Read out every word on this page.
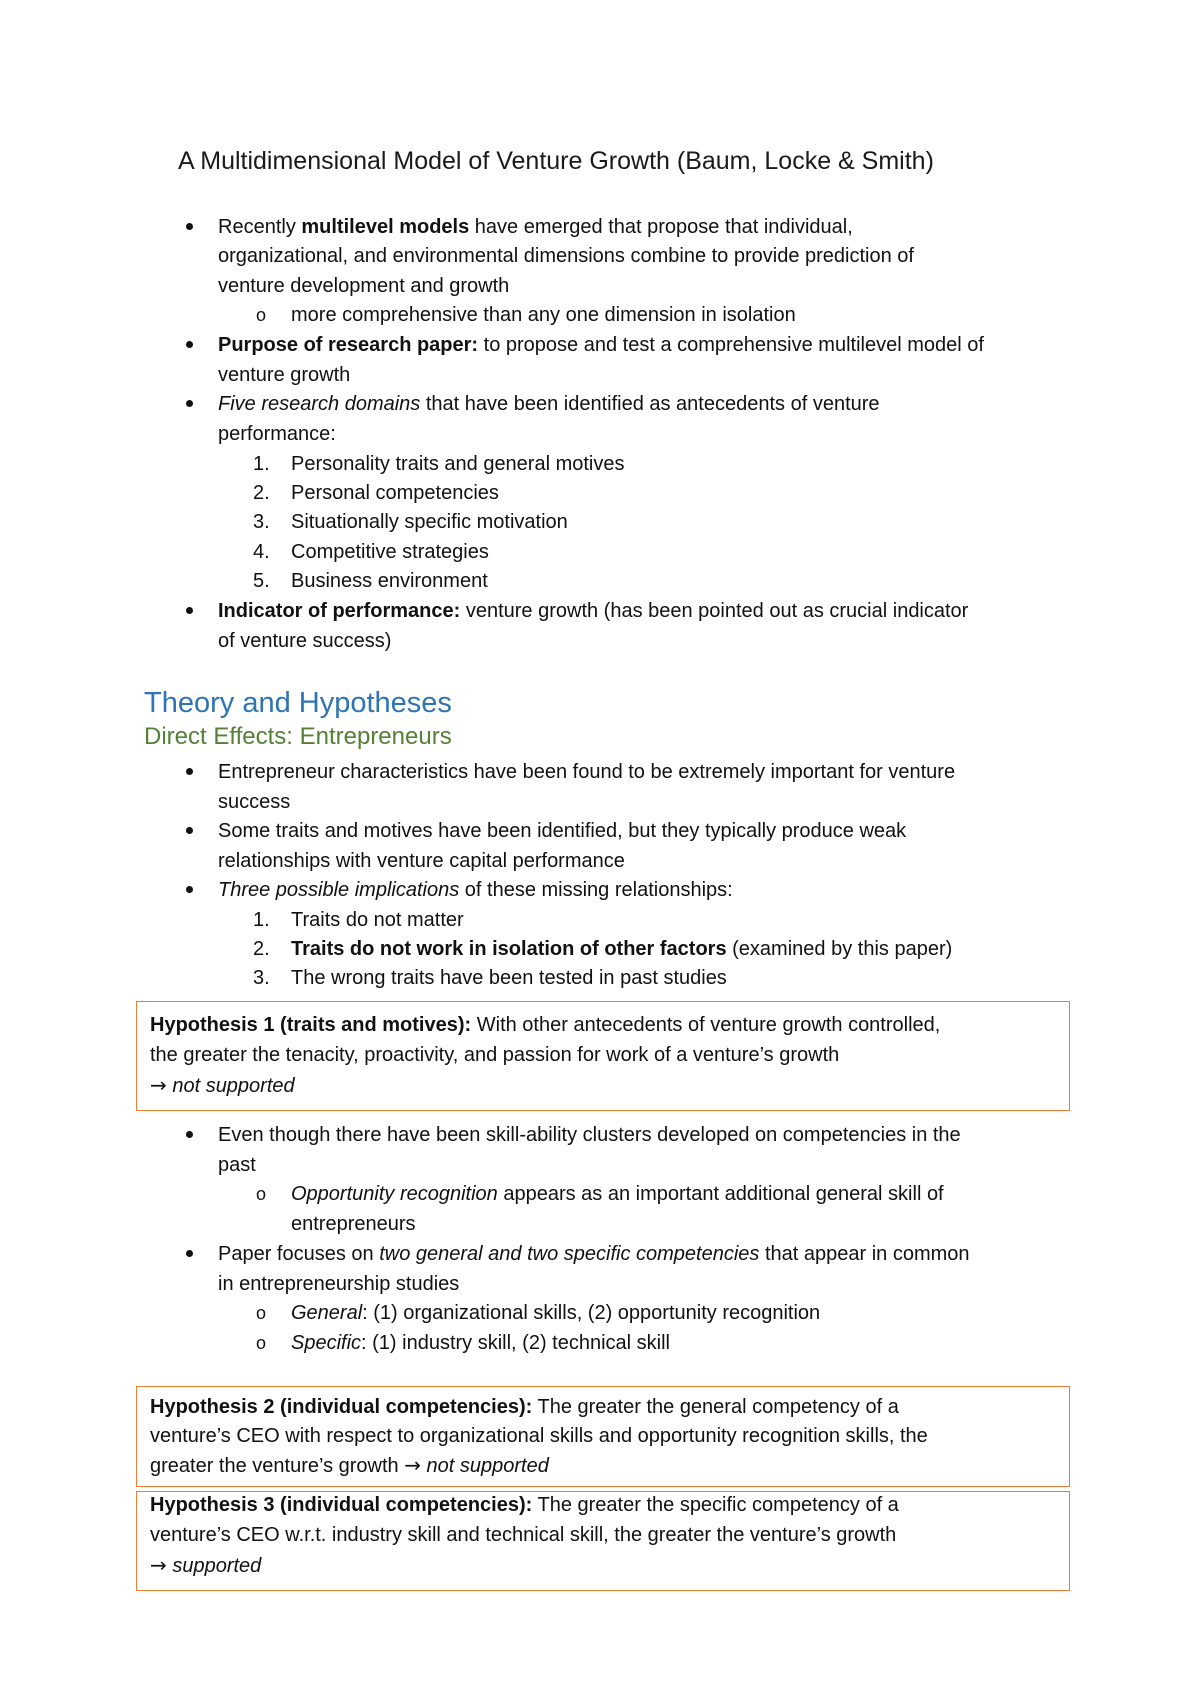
A Multidimensional Model of Venture Growth (Baum, Locke & Smith)
Recently multilevel models have emerged that propose that individual,
organizational, and environmental dimensions combine to provide prediction of
venture development and growth
o more comprehensive than any one dimension in isolation
Purpose of research paper: to propose and test a comprehensive multilevel model of
venture growth
Five research domains that have been identified as antecedents of venture
performance:
1. Personality traits and general motives
2. Personal competencies
3. Situationally specific motivation
4. Competitive strategies
5. Business environment
Indicator of performance: venture growth (has been pointed out as crucial indicator
of venture success)
Theory and Hypotheses
Direct Effects: Entrepreneurs
Entrepreneur characteristics have been found to be extremely important for venture
success
Some traits and motives have been identified, but they typically produce weak
relationships with venture capital performance
Three possible implications of these missing relationships:
1. Traits do not matter
2. Traits do not work in isolation of other factors (examined by this paper)
3. The wrong traits have been tested in past studies
Hypothesis 1 (traits and motives): With other antecedents of venture growth controlled,
the greater the tenacity, proactivity, and passion for work of a venture’s growth
→ not supported
Even though there have been skill-ability clusters developed on competencies in the
past
o Opportunity recognition appears as an important additional general skill of
entrepreneurs
Paper focuses on two general and two specific competencies that appear in common
in entrepreneurship studies
o General: (1) organizational skills, (2) opportunity recognition
o Specific: (1) industry skill, (2) technical skill
Hypothesis 2 (individual competencies): The greater the general competency of a
venture’s CEO with respect to organizational skills and opportunity recognition skills, the
greater the venture’s growth → not supported
Hypothesis 3 (individual competencies): The greater the specific competency of a
venture’s CEO w.r.t. industry skill and technical skill, the greater the venture’s growth
→ supported
